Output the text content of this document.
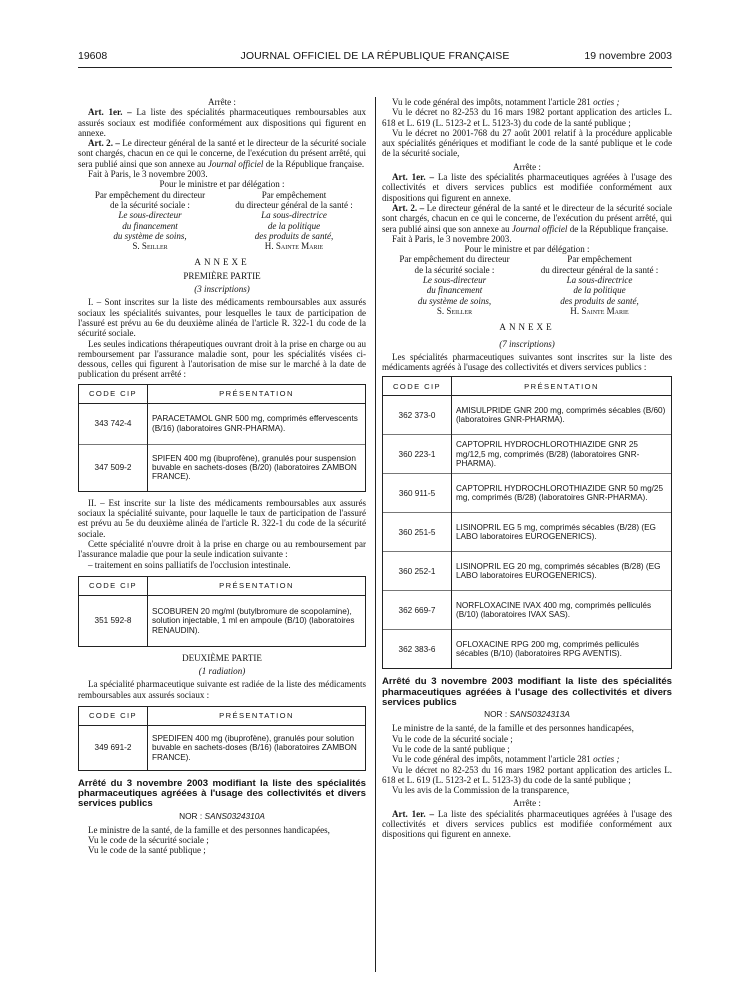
19608	JOURNAL OFFICIEL DE LA RÉPUBLIQUE FRANÇAISE	19 novembre 2003

Arrête :

Art. 1er. – La liste des spécialités pharmaceutiques remboursables aux assurés sociaux est modifiée conformément aux dispositions qui figurent en annexe.

Art. 2. – Le directeur général de la santé et le directeur de la sécurité sociale sont chargés, chacun en ce qui le concerne, de l'exécution du présent arrêté, qui sera publié ainsi que son annexe au Journal officiel de la République française.

Fait à Paris, le 3 novembre 2003.

Pour le ministre et par délégation :

Par empêchement du directeur

de la sécurité sociale :

Le sous-directeur

du financement

du système de soins,

S. Seiller

Par empêchement

du directeur général de la santé :

La sous-directrice

de la politique

des produits de santé,

H. Sainte Marie

ANNEXE

PREMIÈRE PARTIE

(3 inscriptions)

I. – Sont inscrites sur la liste des médicaments remboursables aux assurés sociaux les spécialités suivantes, pour lesquelles le taux de participation de l'assuré est prévu au 6e du deuxième alinéa de l'article R. 322-1 du code de la sécurité sociale.

Les seules indications thérapeutiques ouvrant droit à la prise en charge ou au remboursement par l'assurance maladie sont, pour les spécialités visées ci-dessous, celles qui figurent à l'autorisation de mise sur le marché à la date de publication du présent arrêté :

CODE CIP	PRÉSENTATION
343 742-4	PARACETAMOL GNR 500 mg, comprimés effervescents (B/16) (laboratoires GNR-PHARMA).
347 509-2	SPIFEN 400 mg (ibuprofène), granulés pour suspension buvable en sachets-doses (B/20) (laboratoires ZAMBON FRANCE).

II. – Est inscrite sur la liste des médicaments remboursables aux assurés sociaux la spécialité suivante, pour laquelle le taux de participation de l'assuré est prévu au 5e du deuxième alinéa de l'article R. 322-1 du code de la sécurité sociale.

Cette spécialité n'ouvre droit à la prise en charge ou au remboursement par l'assurance maladie que pour la seule indication suivante :

– traitement en soins palliatifs de l'occlusion intestinale.

CODE CIP	PRÉSENTATION
351 592-8	SCOBUREN 20 mg/ml (butylbromure de scopolamine), solution injectable, 1 ml en ampoule (B/10) (laboratoires RENAUDIN).

DEUXIÈME PARTIE

(1 radiation)

La spécialité pharmaceutique suivante est radiée de la liste des médicaments remboursables aux assurés sociaux :

CODE CIP	PRÉSENTATION
349 691-2	SPEDIFEN 400 mg (ibuprofène), granulés pour solution buvable en sachets-doses (B/16) (laboratoires ZAMBON FRANCE).

Arrêté du 3 novembre 2003 modifiant la liste des spécialités pharmaceutiques agréées à l'usage des collectivités et divers services publics

NOR : SANS0324310A

Le ministre de la santé, de la famille et des personnes handicapées,

Vu le code de la sécurité sociale ;

Vu le code de la santé publique ;

Vu le code général des impôts, notamment l'article 281 octies ;

Vu le décret no 82-253 du 16 mars 1982 portant application des articles L. 618 et L. 619 (L. 5123-2 et L. 5123-3) du code de la santé publique ;

Vu le décret no 2001-768 du 27 août 2001 relatif à la procédure applicable aux spécialités génériques et modifiant le code de la santé publique et le code de la sécurité sociale,

Arrête :

Art. 1er. – La liste des spécialités pharmaceutiques agréées à l'usage des collectivités et divers services publics est modifiée conformément aux dispositions qui figurent en annexe.

Art. 2. – Le directeur général de la santé et le directeur de la sécurité sociale sont chargés, chacun en ce qui le concerne, de l'exécution du présent arrêté, qui sera publié ainsi que son annexe au Journal officiel de la République française.

Fait à Paris, le 3 novembre 2003.

Pour le ministre et par délégation :

Par empêchement du directeur

de la sécurité sociale :

Le sous-directeur

du financement

du système de soins,

S. Seiller

Par empêchement

du directeur général de la santé :

La sous-directrice

de la politique

des produits de santé,

H. Sainte Marie

ANNEXE

(7 inscriptions)

Les spécialités pharmaceutiques suivantes sont inscrites sur la liste des médicaments agréés à l'usage des collectivités et divers services publics :

CODE CIP	PRÉSENTATION
362 373-0	AMISULPRIDE GNR 200 mg, comprimés sécables (B/60) (laboratoires GNR-PHARMA).
360 223-1	CAPTOPRIL HYDROCHLOROTHIAZIDE GNR 25 mg/12,5 mg, comprimés (B/28) (laboratoires GNR-PHARMA).
360 911-5	CAPTOPRIL HYDROCHLOROTHIAZIDE GNR 50 mg/25 mg, comprimés (B/28) (laboratoires GNR-PHARMA).
360 251-5	LISINOPRIL EG 5 mg, comprimés sécables (B/28) (EG LABO laboratoires EUROGENERICS).
360 252-1	LISINOPRIL EG 20 mg, comprimés sécables (B/28) (EG LABO laboratoires EUROGENERICS).
362 669-7	NORFLOXACINE IVAX 400 mg, comprimés pelliculés (B/10) (laboratoires IVAX SAS).
362 383-6	OFLOXACINE RPG 200 mg, comprimés pelliculés sécables (B/10) (laboratoires RPG AVENTIS).

Arrêté du 3 novembre 2003 modifiant la liste des spécialités pharmaceutiques agréées à l'usage des collectivités et divers services publics

NOR : SANS0324313A

Le ministre de la santé, de la famille et des personnes handicapées,

Vu le code de la sécurité sociale ;

Vu le code de la santé publique ;

Vu le code général des impôts, notamment l'article 281 octies ;

Vu le décret no 82-253 du 16 mars 1982 portant application des articles L. 618 et L. 619 (L. 5123-2 et L. 5123-3) du code de la santé publique ;

Vu les avis de la Commission de la transparence,

Arrête :

Art. 1er. – La liste des spécialités pharmaceutiques agréées à l'usage des collectivités et divers services publics est modifiée conformément aux dispositions qui figurent en annexe.
